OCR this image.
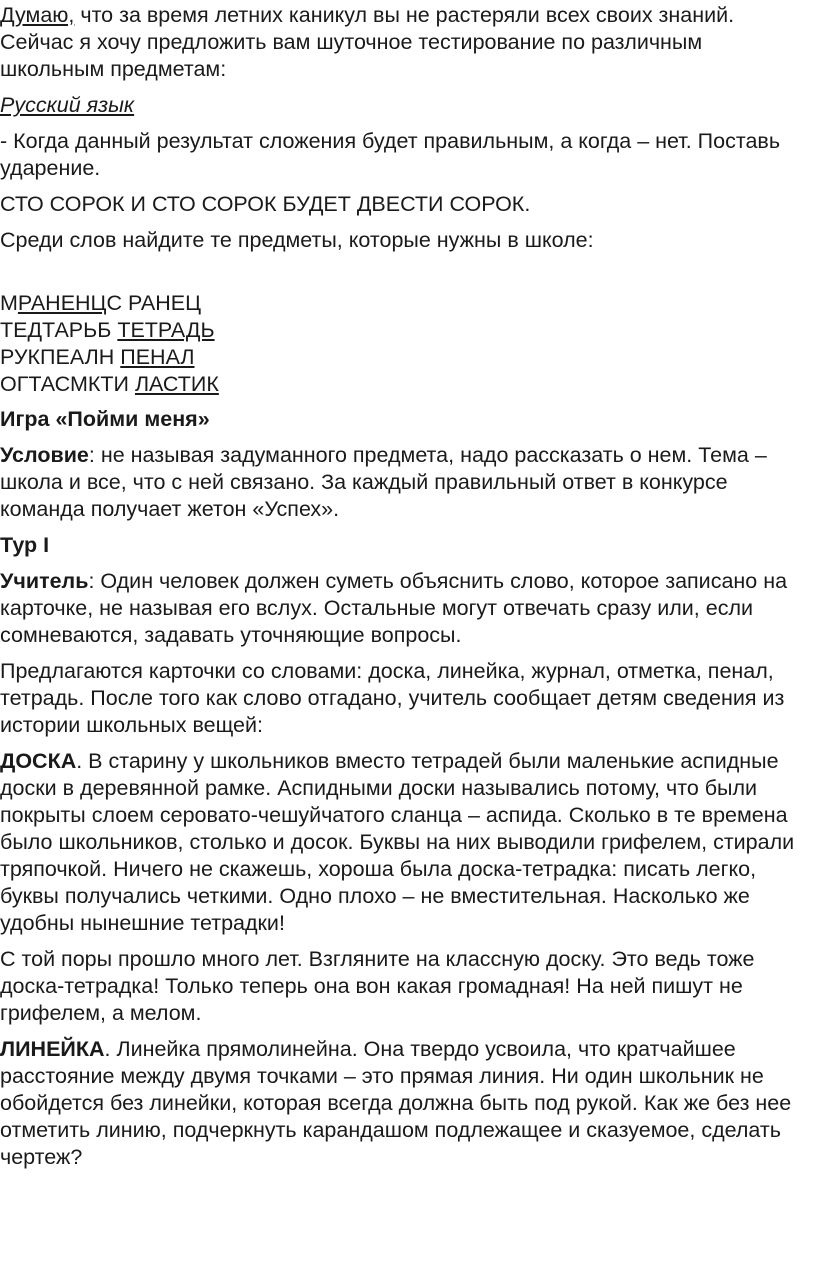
Думаю, что за время летних каникул вы не растеряли всех своих знаний. Сейчас я хочу предложить вам шуточное тестирование по различным школьным предметам:

Русский язык

- Когда данный результат сложения будет правильным, а когда – нет. Поставь ударение.

СТО СОРОК И СТО СОРОК БУДЕТ ДВЕСТИ СОРОК.

Среди слов найдите те предметы, которые нужны в школе:

МРАНЕНЦС РАНЕЦ
ТЕДТАРЬБ ТЕТРАДЬ
РУКПЕАЛН ПЕНАЛ
ОГТАСМКТИ ЛАСТИК

Игра «Пойми меня»

Условие: не называя задуманного предмета, надо рассказать о нем. Тема – школа и все, что с ней связано. За каждый правильный ответ в конкурсе команда получает жетон «Успех».

Тур I

Учитель: Один человек должен суметь объяснить слово, которое записано на карточке, не называя его вслух. Остальные могут отвечать сразу или, если сомневаются, задавать уточняющие вопросы.

Предлагаются карточки со словами: доска, линейка, журнал, отметка, пенал, тетрадь. После того как слово отгадано, учитель сообщает детям сведения из истории школьных вещей:

ДОСКА. В старину у школьников вместо тетрадей были маленькие аспидные доски в деревянной рамке. Аспидными доски назывались потому, что были покрыты слоем серовато-чешуйчатого сланца – аспида. Сколько в те времена было школьников, столько и досок. Буквы на них выводили грифелем, стирали тряпочкой. Ничего не скажешь, хороша была доска-тетрадка: писать легко, буквы получались четкими. Одно плохо – не вместительная. Насколько же удобны нынешние тетрадки!

С той поры прошло много лет. Взгляните на классную доску. Это ведь тоже доска-тетрадка! Только теперь она вон какая громадная! На ней пишут не грифелем, а мелом.

ЛИНЕЙКА. Линейка прямолинейна. Она твердо усвоила, что кратчайшее расстояние между двумя точками – это прямая линия. Ни один школьник не обойдется без линейки, которая всегда должна быть под рукой. Как же без нее отметить линию, подчеркнуть карандашом подлежащее и сказуемое, сделать чертеж?
